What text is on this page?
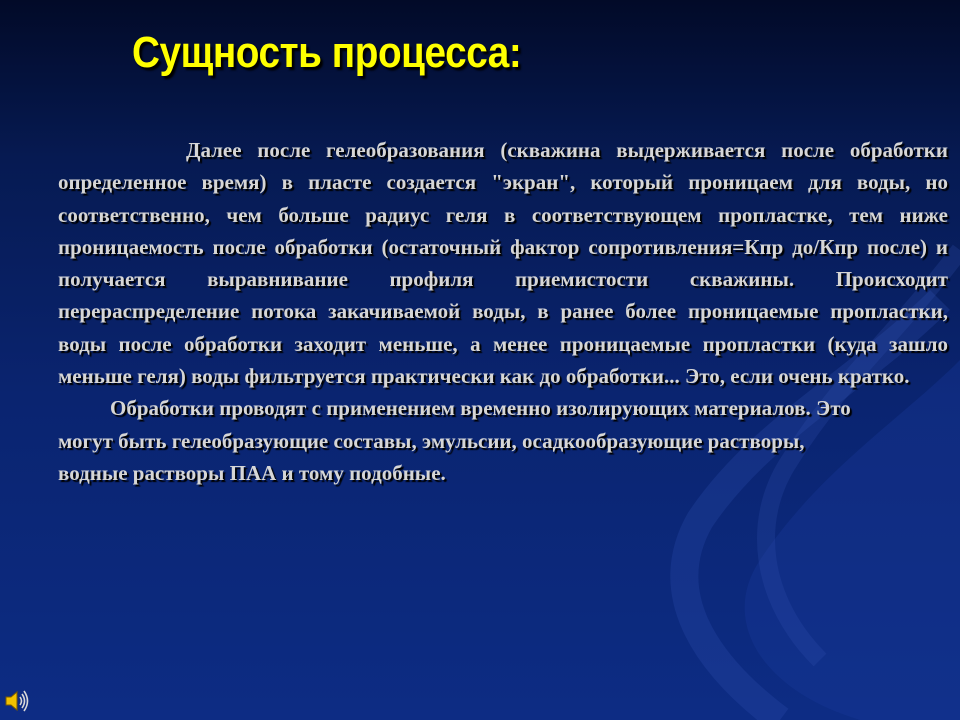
Сущность процесса:

Далее после гелеобразования (скважина выдерживается после обработки определенное время) в пласте создается "экран", который проницаем для воды, но соответственно, чем больше радиус геля в соответствующем пропластке, тем ниже проницаемость после обработки (остаточный фактор сопротивления=Кпр до/Кпр после) и получается выравнивание профиля приемистости скважины. Происходит перераспределение потока закачиваемой воды, в ранее более проницаемые пропластки, воды после обработки заходит меньше, а менее проницаемые пропластки (куда зашло меньше геля) воды фильтруется практически как до обработки... Это, если очень кратко.

Обработки проводят с применением временно изолирующих материалов. Это могут быть гелеобразующие составы, эмульсии, осадкообразующие растворы, водные растворы ПАА и тому подобные.
